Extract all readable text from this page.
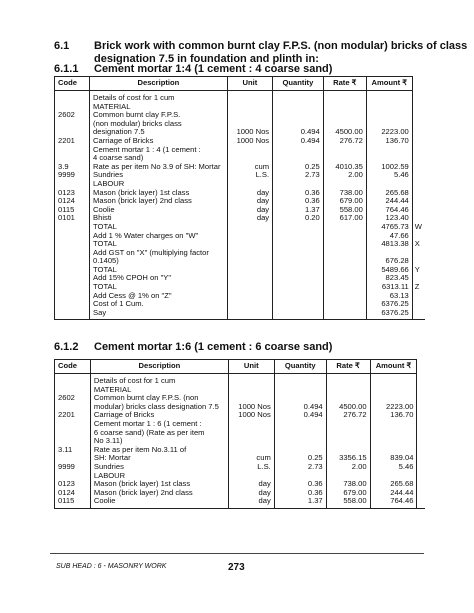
6.1 Brick work with common burnt clay F.P.S. (non modular) bricks of class
designation 7.5 in foundation and plinth in:
6.1.1 Cement mortar 1:4 (1 cement : 4 coarse sand)
Code	Description	Unit	Quantity	Rate ₹	Amount ₹	
	Details of cost for 1 cum					
	MATERIAL					
2602	Common burnt clay F.P.S.					
	(non modular) bricks class					
	designation 7.5	1000 Nos	0.494	4500.00	2223.00	
2201	Carriage of Bricks	1000 Nos	0.494	276.72	136.70	
	Cement mortar 1 : 4 (1 cement :					
	4 coarse sand)					
3.9	Rate as per item No 3.9 of SH: Mortar	cum	0.25	4010.35	1002.59	
9999	Sundries	L.S.	2.73	2.00	5.46	
	LABOUR					
0123	Mason (brick layer) 1st class	day	0.36	738.00	265.68	
0124	Mason (brick layer) 2nd class	day	0.36	679.00	244.44	
0115	Coolie	day	1.37	558.00	764.46	
0101	Bhisti	day	0.20	617.00	123.40	
	TOTAL				4765.73	W
	Add 1 % Water charges on "W"				47.66	
	TOTAL				4813.38	X
	Add GST on "X" (multiplying factor					
	0.1405)				676.28	
	TOTAL				5489.66	Y
	Add 15% CPOH on "Y"				823.45	
	TOTAL				6313.11	Z
	Add Cess @ 1% on "Z"				63.13	
	Cost of 1 Cum.				6376.25	
	Say				6376.25	
6.1.2 Cement mortar 1:6 (1 cement : 6 coarse sand)
Code	Description	Unit	Quantity	Rate ₹	Amount ₹	
	Details of cost for 1 cum					
	MATERIAL					
2602	Common burnt clay F.P.S. (non					
	modular) bricks class designation 7.5	1000 Nos	0.494	4500.00	2223.00	
2201	Carriage of Bricks	1000 Nos	0.494	276.72	136.70	
	Cement mortar 1 : 6 (1 cement :					
	6 coarse sand) (Rate as per item					
	No 3.11)					
3.11	Rate as per item No.3.11 of					
	SH: Mortar	cum	0.25	3356.15	839.04	
9999	Sundries	L.S.	2.73	2.00	5.46	
	LABOUR					
0123	Mason (brick layer) 1st class	day	0.36	738.00	265.68	
0124	Mason (brick layer) 2nd class	day	0.36	679.00	244.44	
0115	Coolie	day	1.37	558.00	764.46	
SUB HEAD : 6 - MASONRY WORK	273
